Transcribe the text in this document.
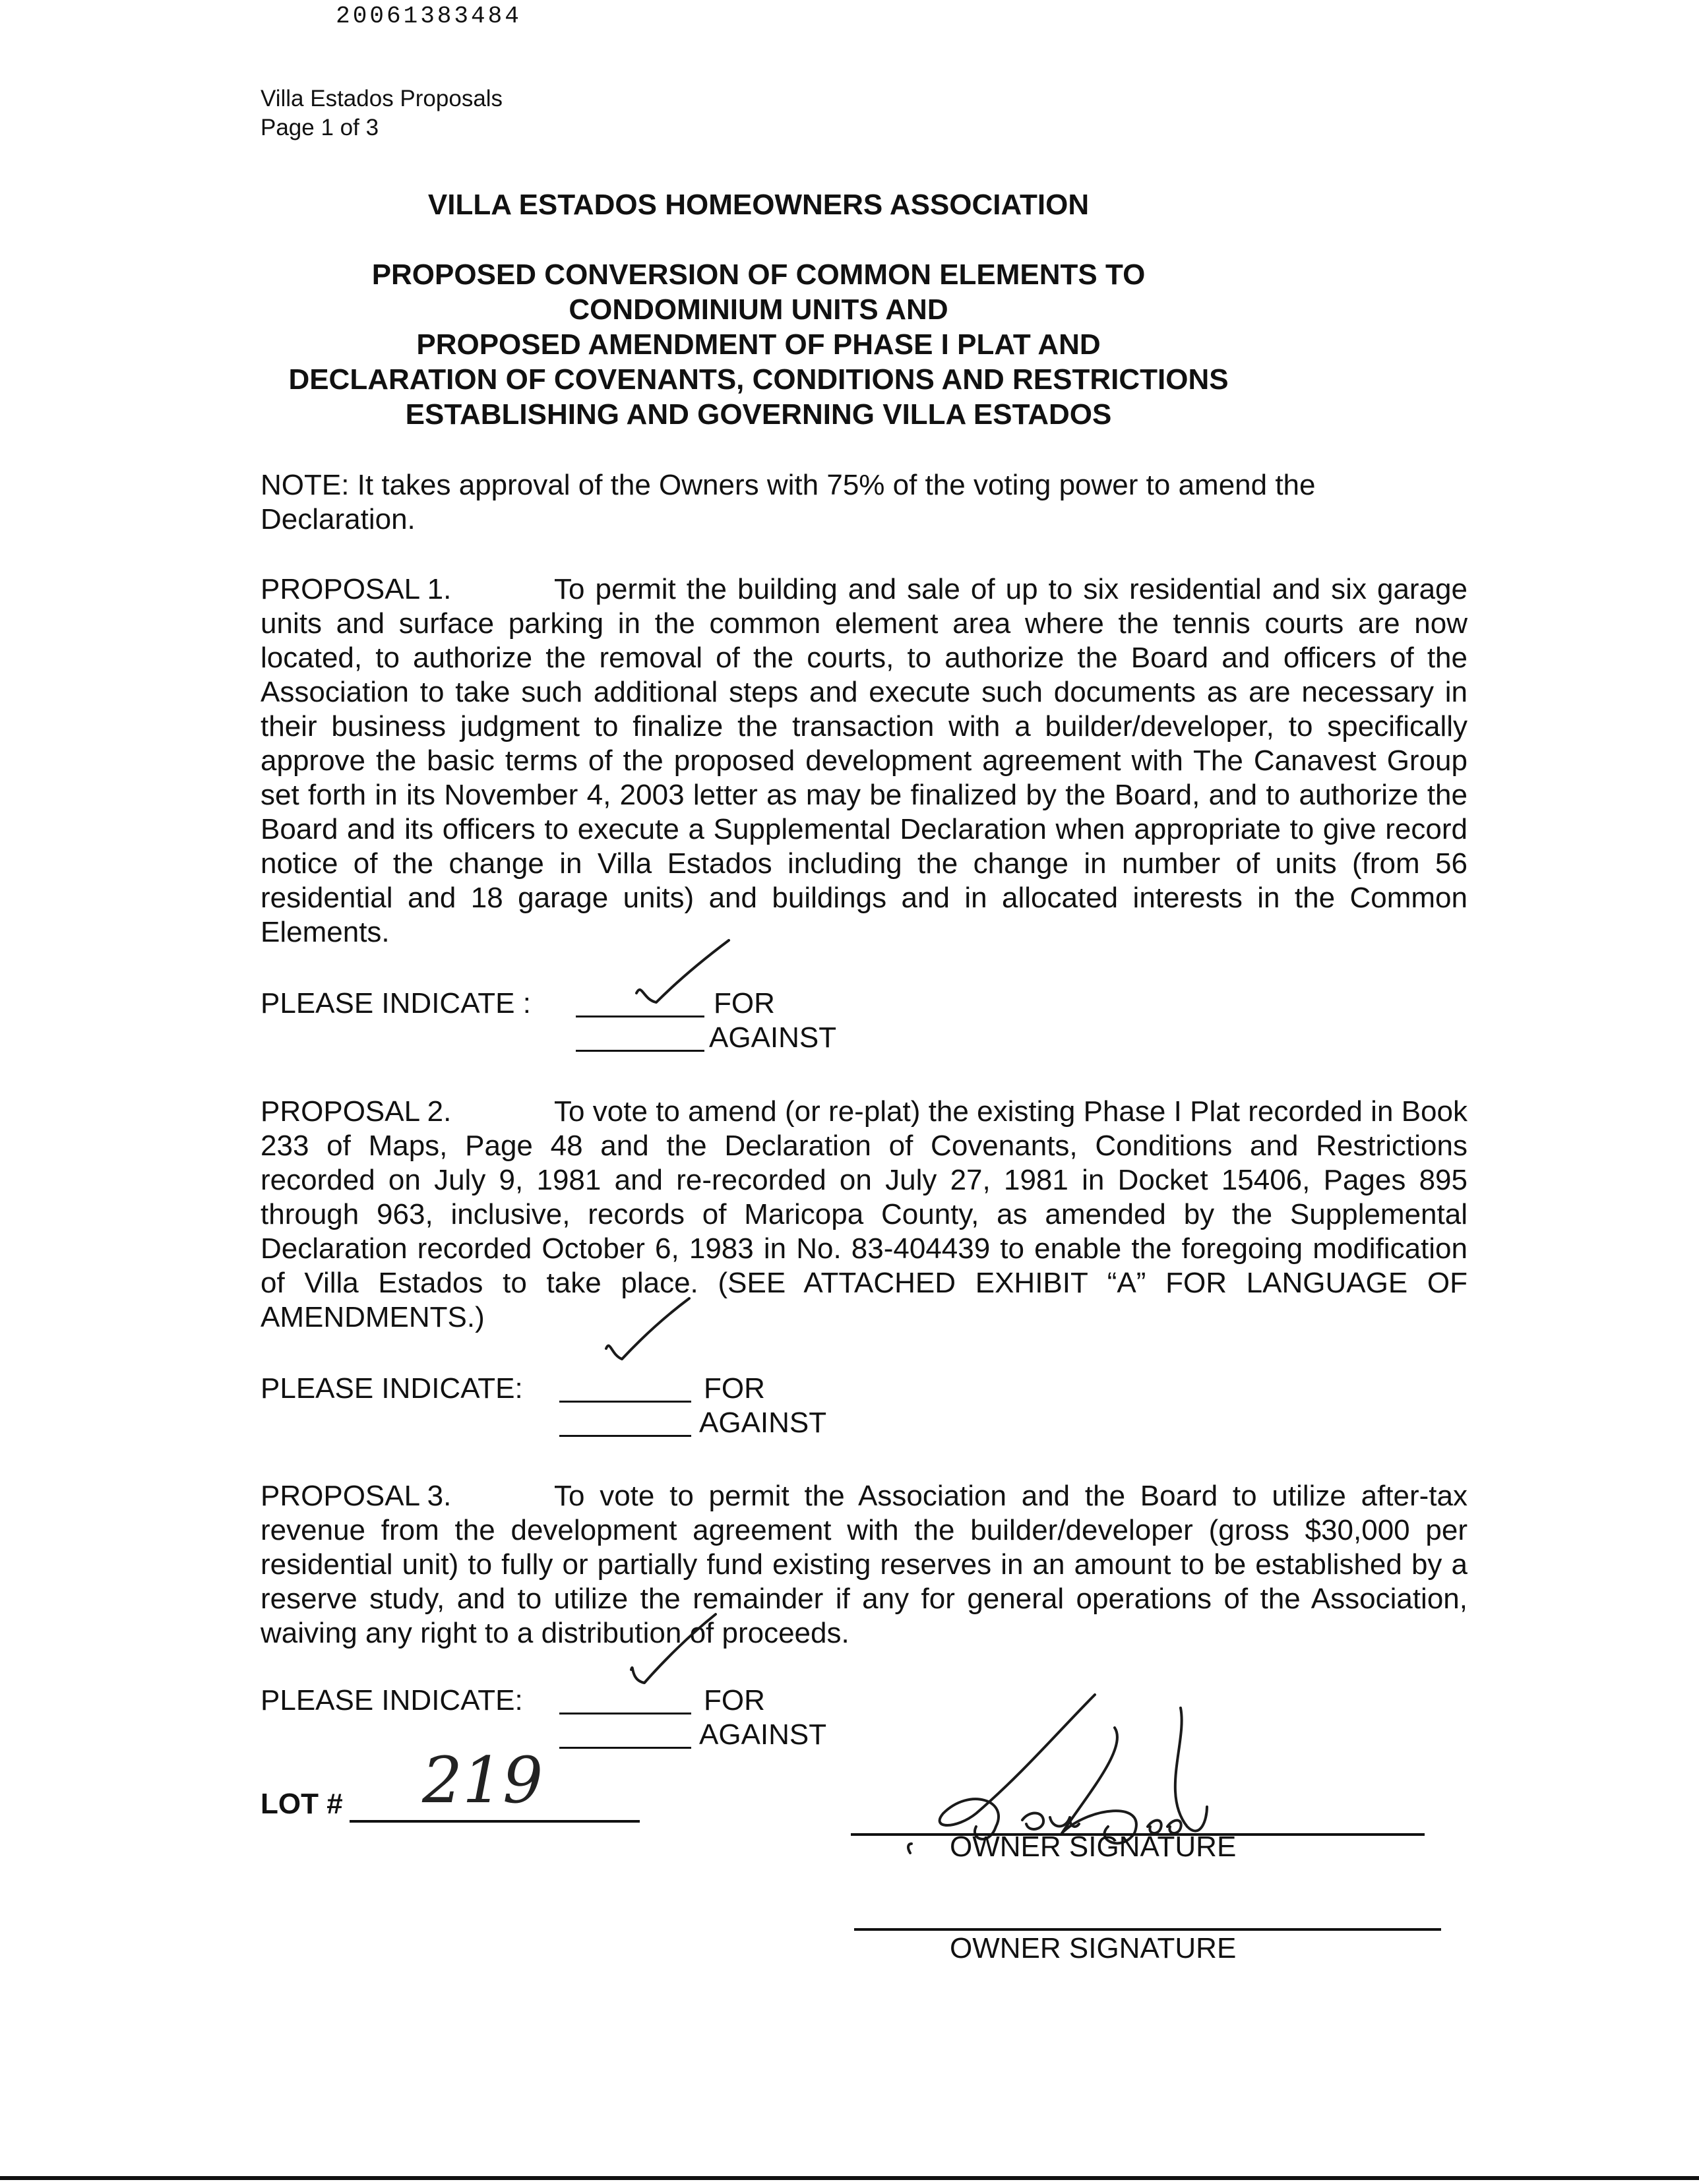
20061383484
Villa Estados Proposals
Page 1 of 3
VILLA ESTADOS HOMEOWNERS ASSOCIATION
PROPOSED CONVERSION OF COMMON ELEMENTS TO
CONDOMINIUM UNITS AND
PROPOSED AMENDMENT OF PHASE I PLAT AND
DECLARATION OF COVENANTS, CONDITIONS AND RESTRICTIONS
ESTABLISHING AND GOVERNING VILLA ESTADOS
NOTE: It takes approval of the Owners with 75% of the voting power to amend the Declaration.
PROPOSAL 1.	To permit the building and sale of up to six residential and six garage units and surface parking in the common element area where the tennis courts are now located, to authorize the removal of the courts, to authorize the Board and officers of the Association to take such additional steps and execute such documents as are necessary in their business judgment to finalize the transaction with a builder/developer, to specifically approve the basic terms of the proposed development agreement with The Canavest Group set forth in its November 4, 2003 letter as may be finalized by the Board, and to authorize the Board and its officers to execute a Supplemental Declaration when appropriate to give record notice of the change in Villa Estados including the change in number of units (from 56 residential and 18 garage units) and buildings and in allocated interests in the Common Elements.
PLEASE INDICATE :	FOR
AGAINST
PROPOSAL 2.	To vote to amend (or re-plat) the existing Phase I Plat recorded in Book 233 of Maps, Page 48 and the Declaration of Covenants, Conditions and Restrictions recorded on July 9, 1981 and re-recorded on July 27, 1981 in Docket 15406, Pages 895 through 963, inclusive, records of Maricopa County, as amended by the Supplemental Declaration recorded October 6, 1983 in No. 83-404439 to enable the foregoing modification of Villa Estados to take place. (SEE ATTACHED EXHIBIT “A” FOR LANGUAGE OF AMENDMENTS.)
PLEASE INDICATE:	FOR
AGAINST
PROPOSAL 3.	To vote to permit the Association and the Board to utilize after-tax revenue from the development agreement with the builder/developer (gross $30,000 per residential unit) to fully or partially fund existing reserves in an amount to be established by a reserve study, and to utilize the remainder if any for general operations of the Association, waiving any right to a distribution of proceeds.
PLEASE INDICATE:	FOR
AGAINST
LOT # 219
OWNER SIGNATURE
OWNER SIGNATURE
